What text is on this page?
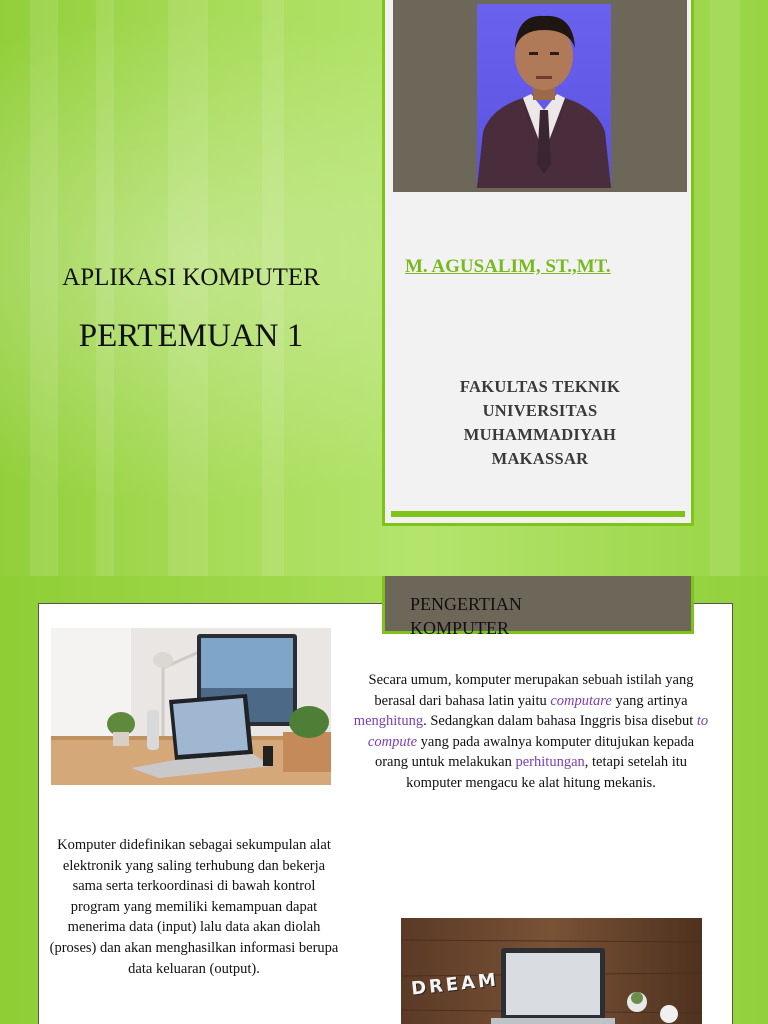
APLIKASI KOMPUTER
PERTEMUAN 1

M. AGUSALIM, ST.,MT.

FAKULTAS TEKNIK
UNIVERSITAS
MUHAMMADIYAH
MAKASSAR

PENGERTIAN
KOMPUTER

Secara umum, komputer merupakan sebuah istilah yang berasal dari bahasa latin yaitu computare yang artinya menghitung. Sedangkan dalam bahasa Inggris bisa disebut to compute yang pada awalnya komputer ditujukan kepada orang untuk melakukan perhitungan, tetapi setelah itu komputer mengacu ke alat hitung mekanis.

Komputer didefinikan sebagai sekumpulan alat elektronik yang saling terhubung dan bekerja sama serta terkoordinasi di bawah kontrol program yang memiliki kemampuan dapat menerima data (input) lalu data akan diolah (proses) dan akan menghasilkan informasi berupa data keluaran (output).

DREAM
